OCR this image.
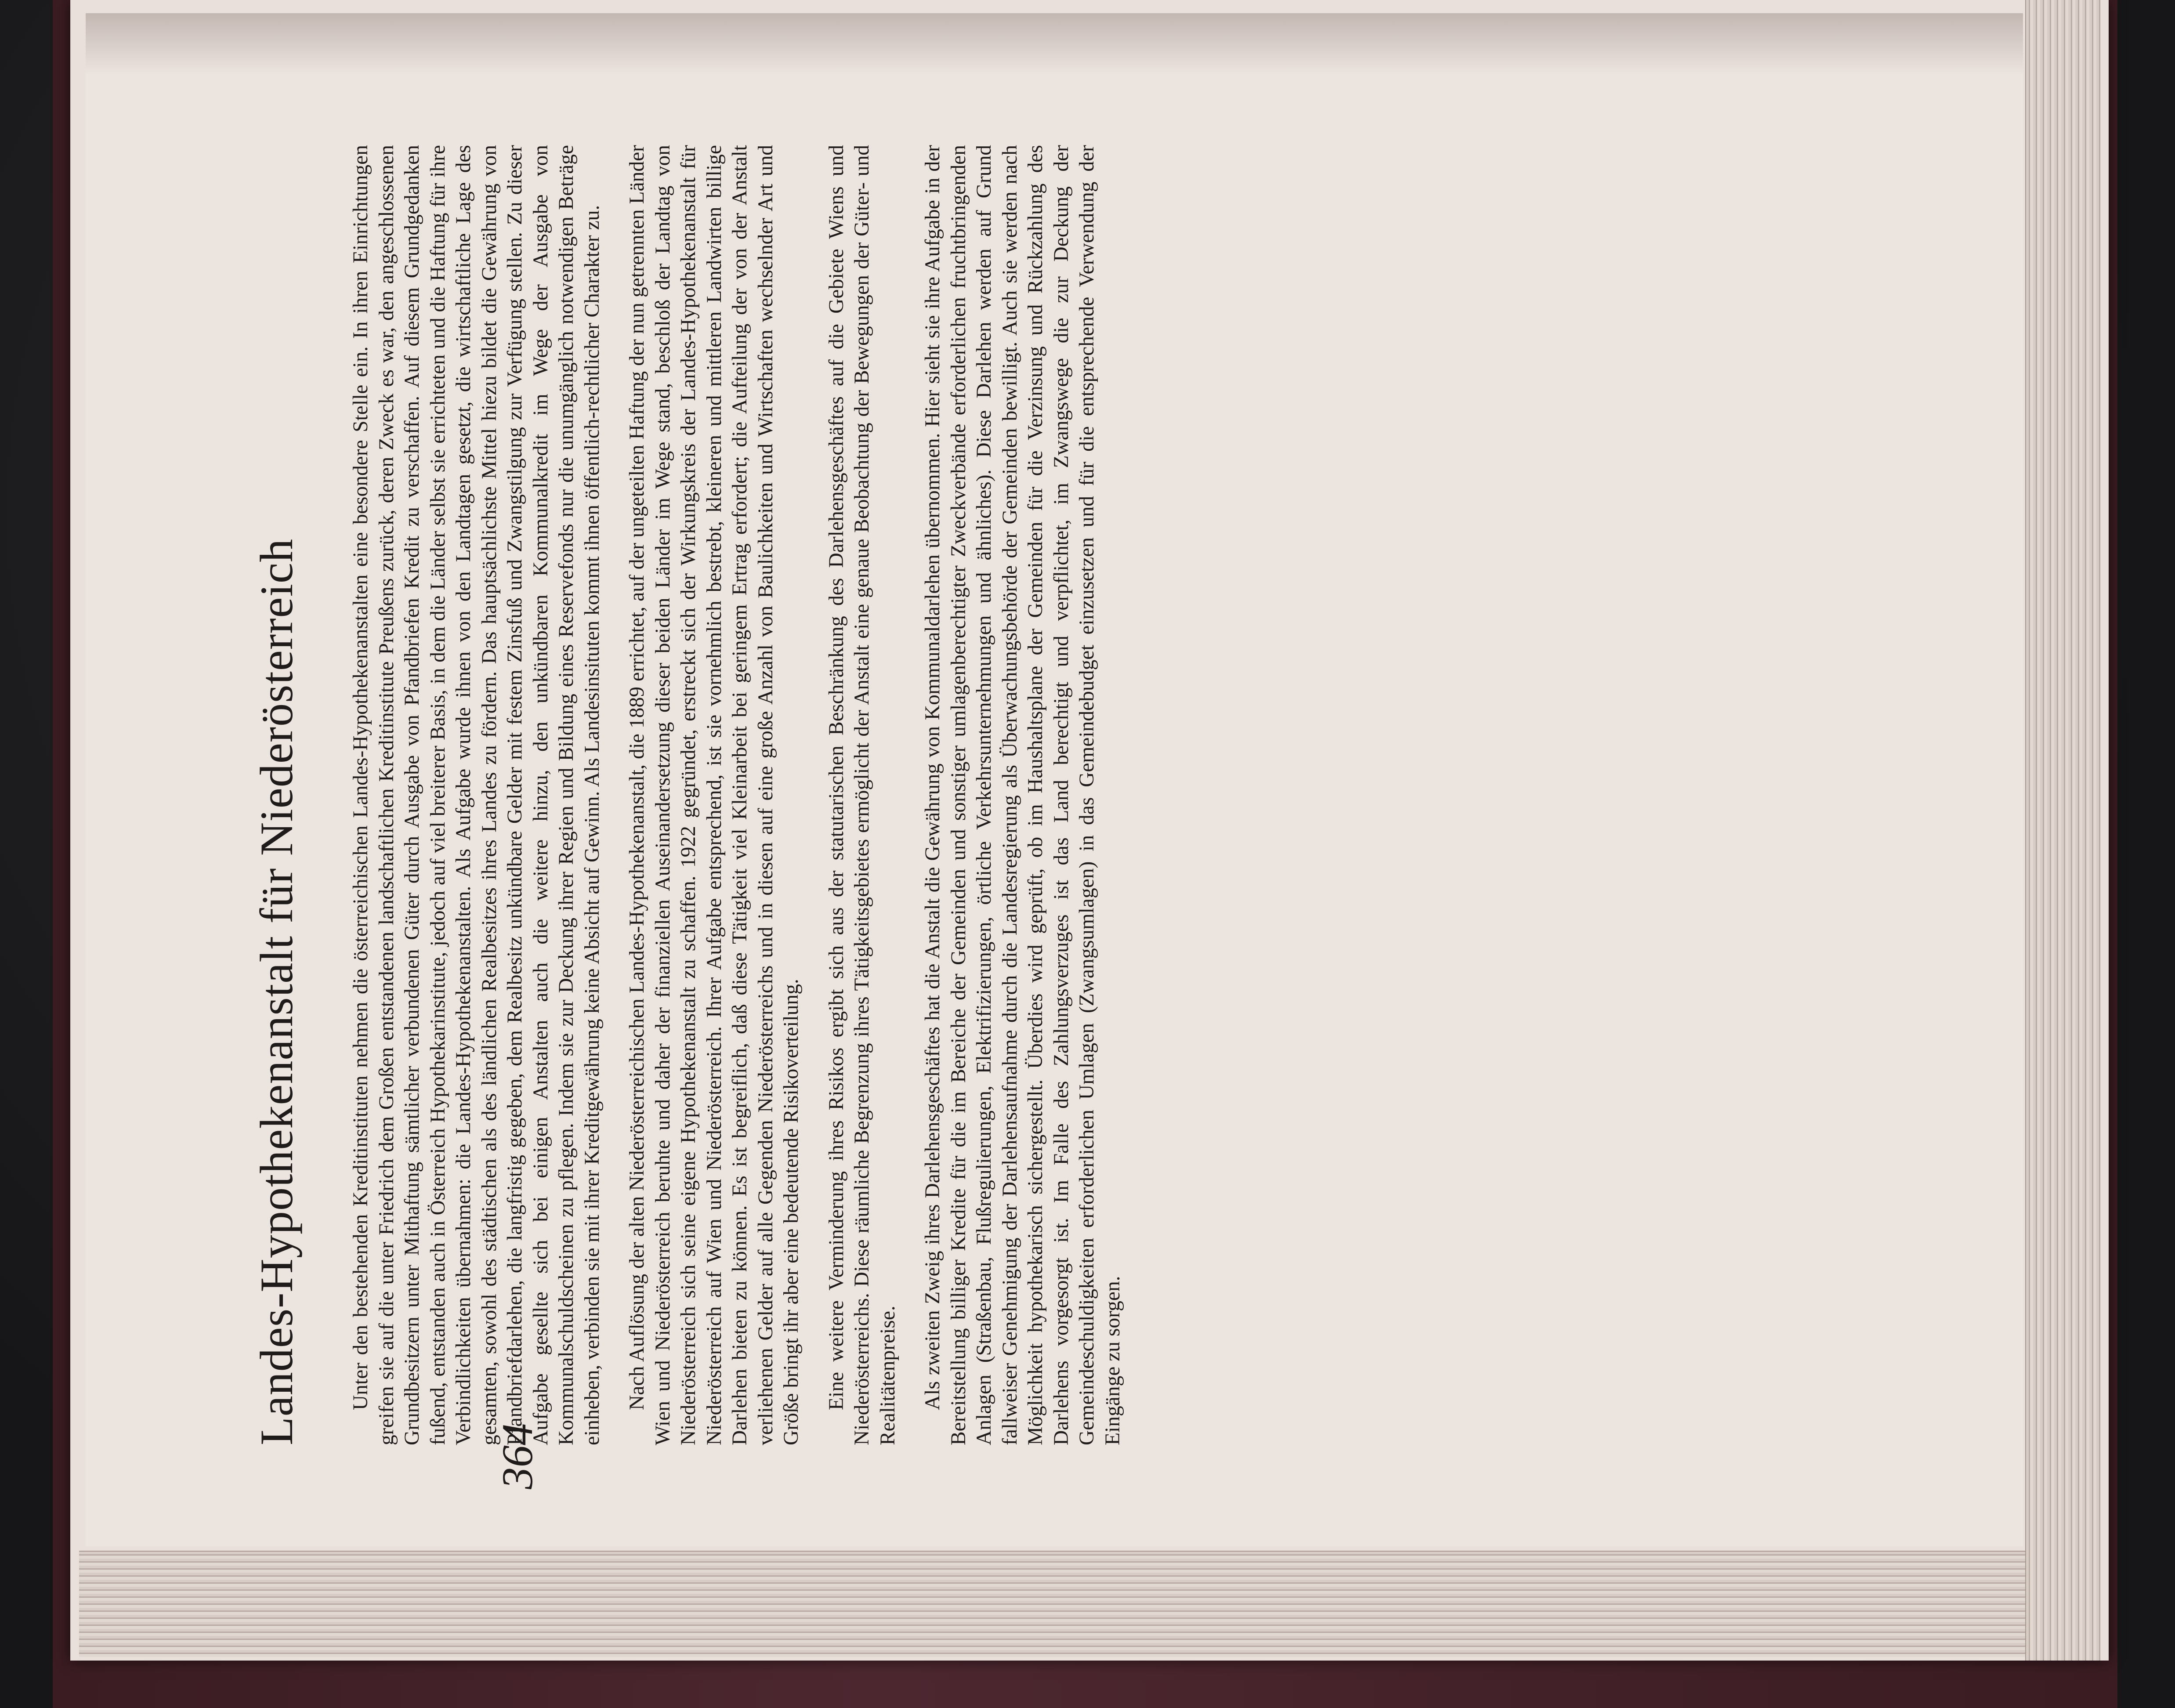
Landes-Hypothekenanstalt für Niederösterreich Unter den bestehenden Kreditinstituten nehmen die österreichischen Landes-Hypothekenanstalten eine besondere Stelle ein. In ihren Einrichtungen greifen sie auf die unter Friedrich dem Großen entstandenen landschaftlichen Kreditinstitute Preußens zurück, deren Zweck es war, den angeschlossenen Grundbesitzern unter Mithaftung sämtlicher verbundenen Güter durch Ausgabe von Pfandbriefen Kredit zu verschaffen. Auf diesem Grundgedanken fußend, entstanden auch in Österreich Hypothekarinstitute, jedoch auf viel breiterer Basis, in dem die Länder selbst sie errichteten und die Haftung für ihre Verbindlichkeiten übernahmen: die Landes-Hypothekenanstalten. Als Aufgabe wurde ihnen von den Landtagen gesetzt, die wirtschaftliche Lage des gesamten, sowohl des städtischen als des ländlichen Realbesitzes ihres Landes zu fördern. Das hauptsächlichste Mittel hiezu bildet die Gewährung von Pfandbriefdarlehen, die langfristig gegeben, dem Realbesitz unkündbare Gelder mit festem Zinsfuß und Zwangstilgung zur Verfügung stellen. Zu dieser Aufgabe gesellte sich bei einigen Anstalten auch die weitere hinzu, den unkündbaren Kommunalkredit im Wege der Ausgabe von Kommunalschuldscheinen zu pflegen. Indem sie zur Deckung ihrer Regien und Bildung eines Reservefonds nur die unumgänglich notwendigen Beträge einheben, verbinden sie mit ihrer Kreditgewährung keine Absicht auf Gewinn. Als Landesinsituten kommt ihnen öffentlich-rechtlicher Charakter zu. Nach Auflösung der alten Niederösterreichischen Landes-Hypothekenanstalt, die 1889 errichtet, auf der ungeteilten Haftung der nun getrennten Länder Wien und Niederösterreich beruhte und daher der finanziellen Auseinandersetzung dieser beiden Länder im Wege stand, beschloß der Landtag von Niederösterreich sich seine eigene Hypothekenanstalt zu schaffen. 1922 gegründet, erstreckt sich der Wirkungskreis der Landes-Hypothekenanstalt für Niederösterreich auf Wien und Niederösterreich. Ihrer Aufgabe entsprechend, ist sie vornehmlich bestrebt, kleineren und mittleren Landwirten billige Darlehen bieten zu können. Es ist begreiflich, daß diese Tätigkeit viel Kleinarbeit bei geringem Ertrag erfordert; die Aufteilung der von der Anstalt verliehenen Gelder auf alle Gegenden Niederösterreichs und in diesen auf eine große Anzahl von Baulichkeiten und Wirtschaften wechselnder Art und Größe bringt ihr aber eine bedeutende Risikoverteilung. Eine weitere Verminderung ihres Risikos ergibt sich aus der statutarischen Beschränkung des Darlehensgeschäftes auf die Gebiete Wiens und Niederösterreichs. Diese räumliche Begrenzung ihres Tätigkeitsgebietes ermöglicht der Anstalt eine genaue Beobachtung der Bewegungen der Güter- und Realitätenpreise. Als zweiten Zweig ihres Darlehensgeschäftes hat die Anstalt die Gewährung von Kommunaldarlehen übernommen. Hier sieht sie ihre Aufgabe in der Bereitstellung billiger Kredite für die im Bereiche der Gemeinden und sonstiger umlagenberechtigter Zweckverbände erforderlichen fruchtbringenden Anlagen (Straßenbau, Flußregulierungen, Elektrifizierungen, örtliche Verkehrsunternehmungen und ähnliches). Diese Darlehen werden auf Grund fallweiser Genehmigung der Darlehensaufnahme durch die Landesregierung als Überwachungsbehörde der Gemeinden bewilligt. Auch sie werden nach Möglichkeit hypothekarisch sichergestellt. Überdies wird geprüft, ob im Haushaltsplane der Gemeinden für die Verzinsung und Rückzahlung des Darlehens vorgesorgt ist. Im Falle des Zahlungsverzuges ist das Land berechtigt und verpflichtet, im Zwangswege die zur Deckung der Gemeindeschuldigkeiten erforderlichen Umlagen (Zwangsumlagen) in das Gemeindebudget einzusetzen und für die entsprechende Verwendung der Eingänge zu sorgen.

364
